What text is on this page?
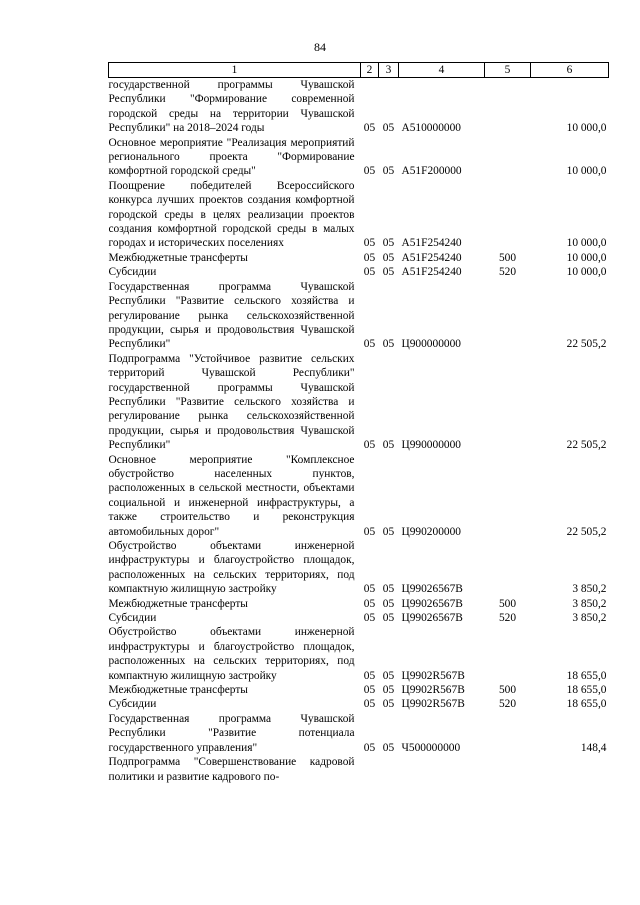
84
1	2	3	4	5	6
государственной программы Чувашской Республики "Формирование современной городской среды на территории Чувашской Республики" на 2018–2024 годы	05	05	А510000000		10 000,0
Основное мероприятие "Реализация мероприятий регионального проекта "Формирование комфортной городской среды"	05	05	А51F200000		10 000,0
Поощрение победителей Всероссийского конкурса лучших проектов создания комфортной городской среды в целях реализации проектов создания комфортной городской среды в малых городах и исторических поселениях	05	05	А51F254240		10 000,0
Межбюджетные трансферты	05	05	А51F254240	500	10 000,0
Субсидии	05	05	А51F254240	520	10 000,0
Государственная программа Чувашской Республики "Развитие сельского хозяйства и регулирование рынка сельскохозяйственной продукции, сырья и продовольствия Чувашской Республики"	05	05	Ц900000000		22 505,2
Подпрограмма "Устойчивое развитие сельских территорий Чувашской Республики" государственной программы Чувашской Республики "Развитие сельского хозяйства и регулирование рынка сельскохозяйственной продукции, сырья и продовольствия Чувашской Республики"	05	05	Ц990000000		22 505,2
Основное мероприятие "Комплексное обустройство населенных пунктов, расположенных в сельской местности, объектами социальной и инженерной инфраструктуры, а также строительство и реконструкция автомобильных дорог"	05	05	Ц990200000		22 505,2
Обустройство объектами инженерной инфраструктуры и благоустройство площадок, расположенных на сельских территориях, под компактную жилищную застройку	05	05	Ц99026567В		3 850,2
Межбюджетные трансферты	05	05	Ц99026567В	500	3 850,2
Субсидии	05	05	Ц99026567В	520	3 850,2
Обустройство объектами инженерной инфраструктуры и благоустройство площадок, расположенных на сельских территориях, под компактную жилищную застройку	05	05	Ц9902R567В		18 655,0
Межбюджетные трансферты	05	05	Ц9902R567В	500	18 655,0
Субсидии	05	05	Ц9902R567В	520	18 655,0
Государственная программа Чувашской Республики "Развитие потенциала государственного управления"	05	05	Ч500000000		148,4
Подпрограмма "Совершенствование кадровой политики и развитие кадрового по-					
